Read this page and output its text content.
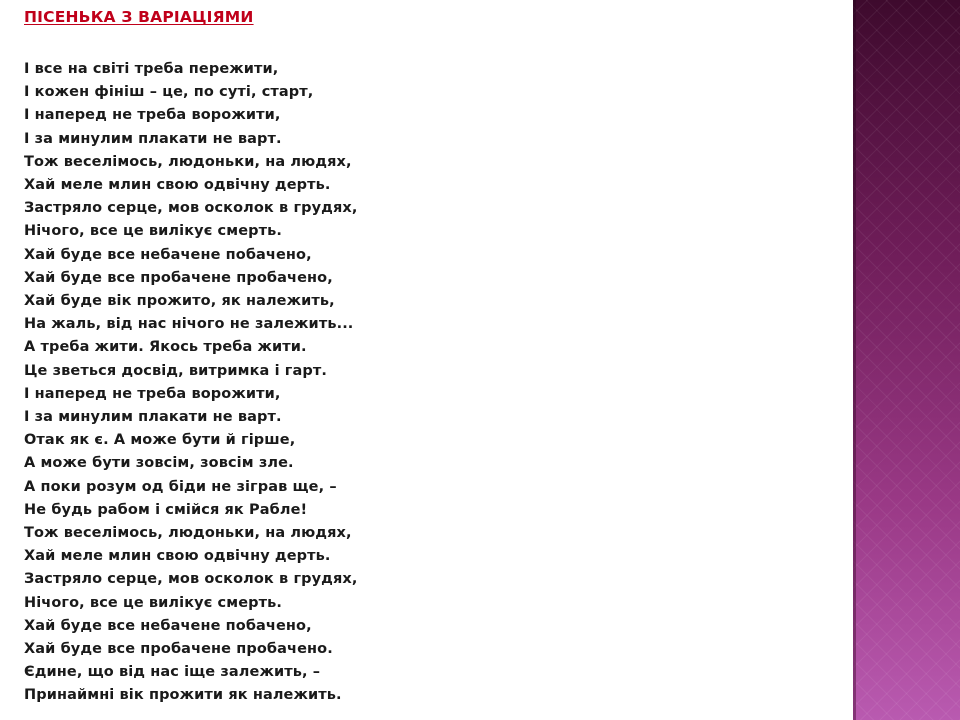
ПІСЕНЬКА З ВАРІАЦІЯМИ
І все на світі треба пережити,
І кожен фініш – це, по суті, старт,
І наперед не треба ворожити,
І за минулим плакати не варт.
Тож веселімось, людоньки, на людях,
Хай меле млин свою одвічну дерть.
Застряло серце, мов осколок в грудях,
Нічого, все це вилікує смерть.
Хай буде все небачене побачено,
Хай буде все пробачене пробачено,
Хай буде вік прожито, як належить,
На жаль, від нас нічого не залежить...
А треба жити. Якось треба жити.
Це зветься досвід, витримка і гарт.
І наперед не треба ворожити,
І за минулим плакати не варт.
Отак як є. А може бути й гірше,
А може бути зовсім, зовсім зле.
А поки розум од біди не зіграв ще, –
Не будь рабом і смійся як Рабле!
Тож веселімось, людоньки, на людях,
Хай меле млин свою одвічну дерть.
Застряло серце, мов осколок в грудях,
Нічого, все це вилікує смерть.
Хай буде все небачене побачено,
Хай буде все пробачене пробачено.
Єдине, що від нас іще залежить, –
Принаймні вік прожити як належить.
